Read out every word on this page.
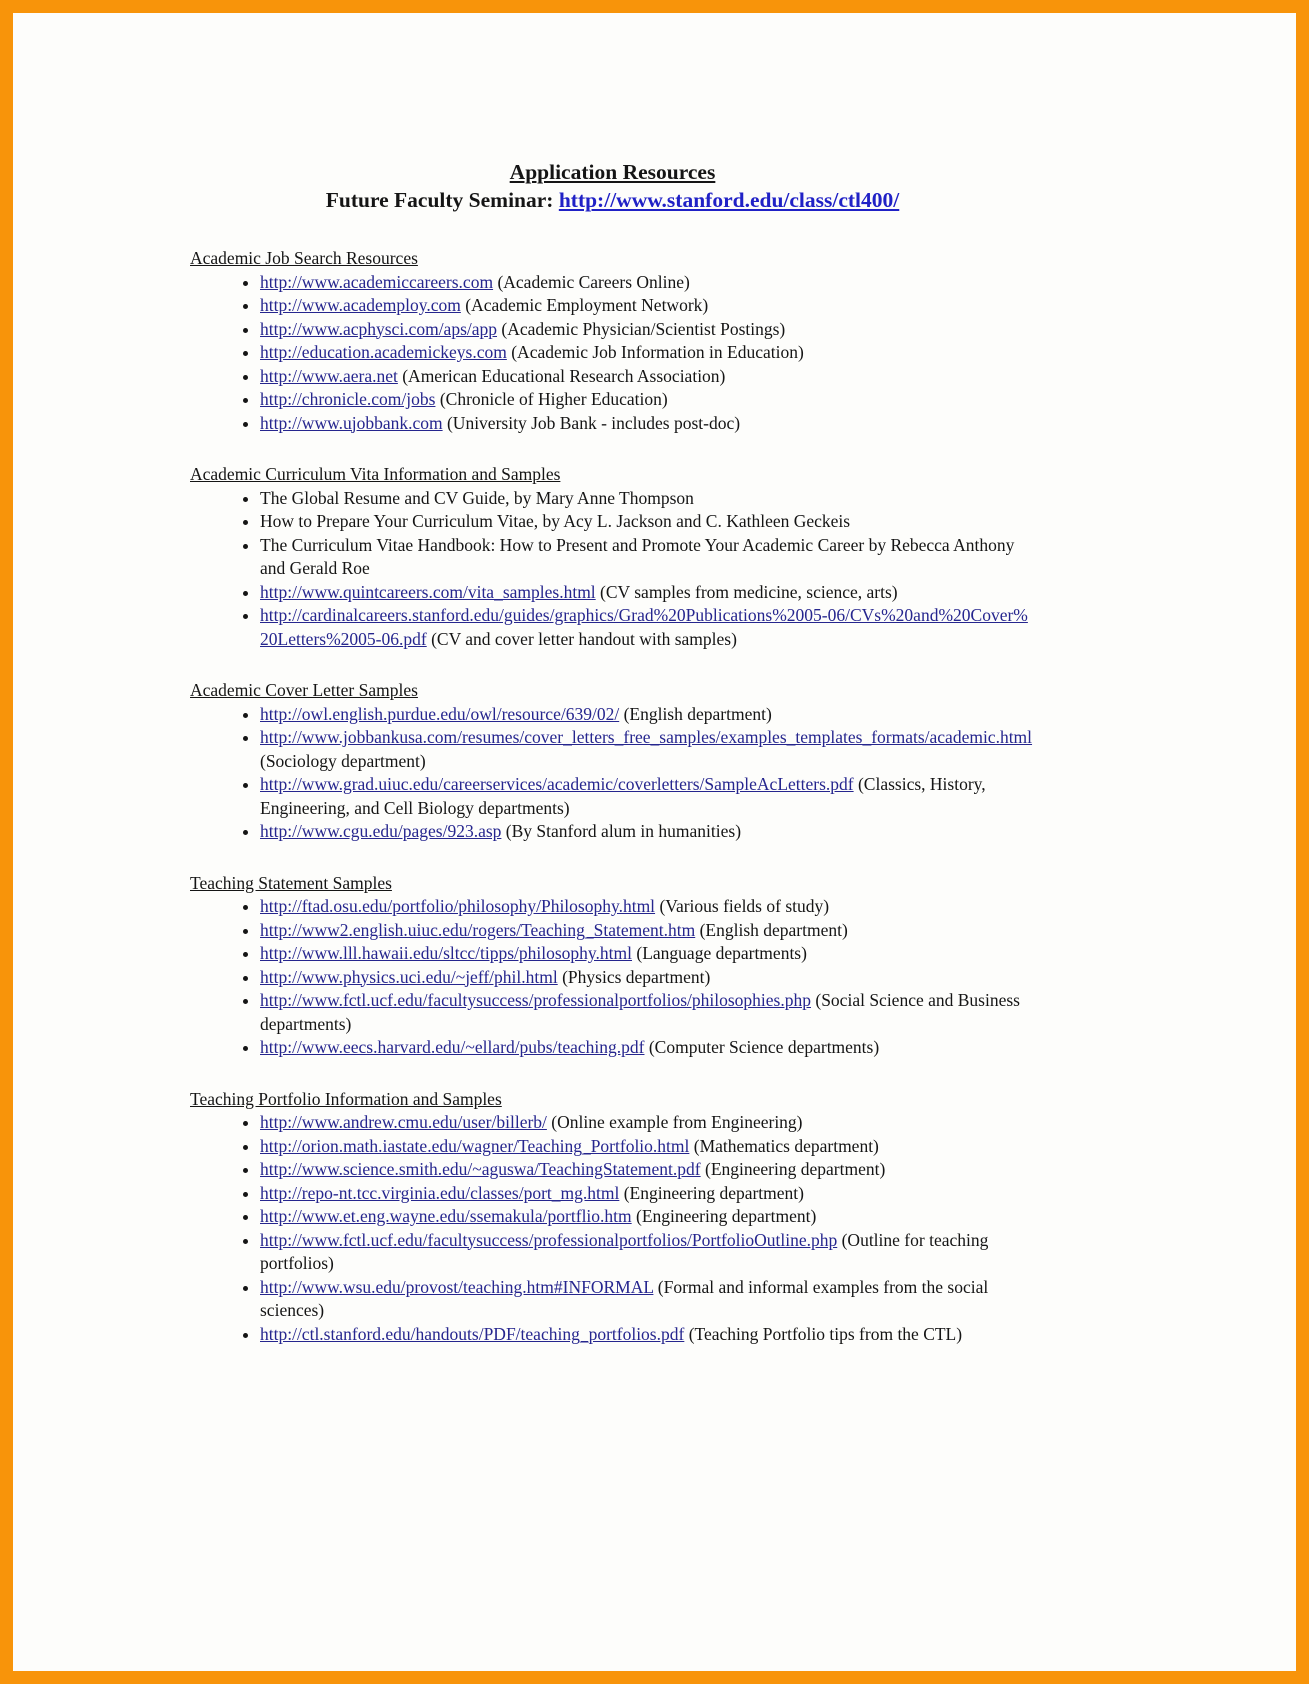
Application Resources
Future Faculty Seminar: http://www.stanford.edu/class/ctl400/
Academic Job Search Resources
• http://www.academiccareers.com (Academic Careers Online)
• http://www.academploy.com (Academic Employment Network)
• http://www.acphysci.com/aps/app (Academic Physician/Scientist Postings)
• http://education.academickeys.com (Academic Job Information in Education)
• http://www.aera.net (American Educational Research Association)
• http://chronicle.com/jobs (Chronicle of Higher Education)
• http://www.ujobbank.com (University Job Bank - includes post-doc)
Academic Curriculum Vita Information and Samples
• The Global Resume and CV Guide, by Mary Anne Thompson
• How to Prepare Your Curriculum Vitae, by Acy L. Jackson and C. Kathleen Geckeis
• The Curriculum Vitae Handbook: How to Present and Promote Your Academic Career by Rebecca Anthony and Gerald Roe
• http://www.quintcareers.com/vita_samples.html (CV samples from medicine, science, arts)
• http://cardinalcareers.stanford.edu/guides/graphics/Grad%20Publications%2005-06/CVs%20and%20Cover%20Letters%2005-06.pdf (CV and cover letter handout with samples)
Academic Cover Letter Samples
• http://owl.english.purdue.edu/owl/resource/639/02/ (English department)
• http://www.jobbankusa.com/resumes/cover_letters_free_samples/examples_templates_formats/academic.html (Sociology department)
• http://www.grad.uiuc.edu/careerservices/academic/coverletters/SampleAcLetters.pdf (Classics, History, Engineering, and Cell Biology departments)
• http://www.cgu.edu/pages/923.asp (By Stanford alum in humanities)
Teaching Statement Samples
• http://ftad.osu.edu/portfolio/philosophy/Philosophy.html (Various fields of study)
• http://www2.english.uiuc.edu/rogers/Teaching_Statement.htm (English department)
• http://www.lll.hawaii.edu/sltcc/tipps/philosophy.html (Language departments)
• http://www.physics.uci.edu/~jeff/phil.html (Physics department)
• http://www.fctl.ucf.edu/facultysuccess/professionalportfolios/philosophies.php (Social Science and Business departments)
• http://www.eecs.harvard.edu/~ellard/pubs/teaching.pdf (Computer Science departments)
Teaching Portfolio Information and Samples
• http://www.andrew.cmu.edu/user/billerb/ (Online example from Engineering)
• http://orion.math.iastate.edu/wagner/Teaching_Portfolio.html (Mathematics department)
• http://www.science.smith.edu/~aguswa/TeachingStatement.pdf (Engineering department)
• http://repo-nt.tcc.virginia.edu/classes/port_mg.html (Engineering department)
• http://www.et.eng.wayne.edu/ssemakula/portflio.htm (Engineering department)
• http://www.fctl.ucf.edu/facultysuccess/professionalportfolios/PortfolioOutline.php (Outline for teaching portfolios)
• http://www.wsu.edu/provost/teaching.htm#INFORMAL (Formal and informal examples from the social sciences)
• http://ctl.stanford.edu/handouts/PDF/teaching_portfolios.pdf (Teaching Portfolio tips from the CTL)
